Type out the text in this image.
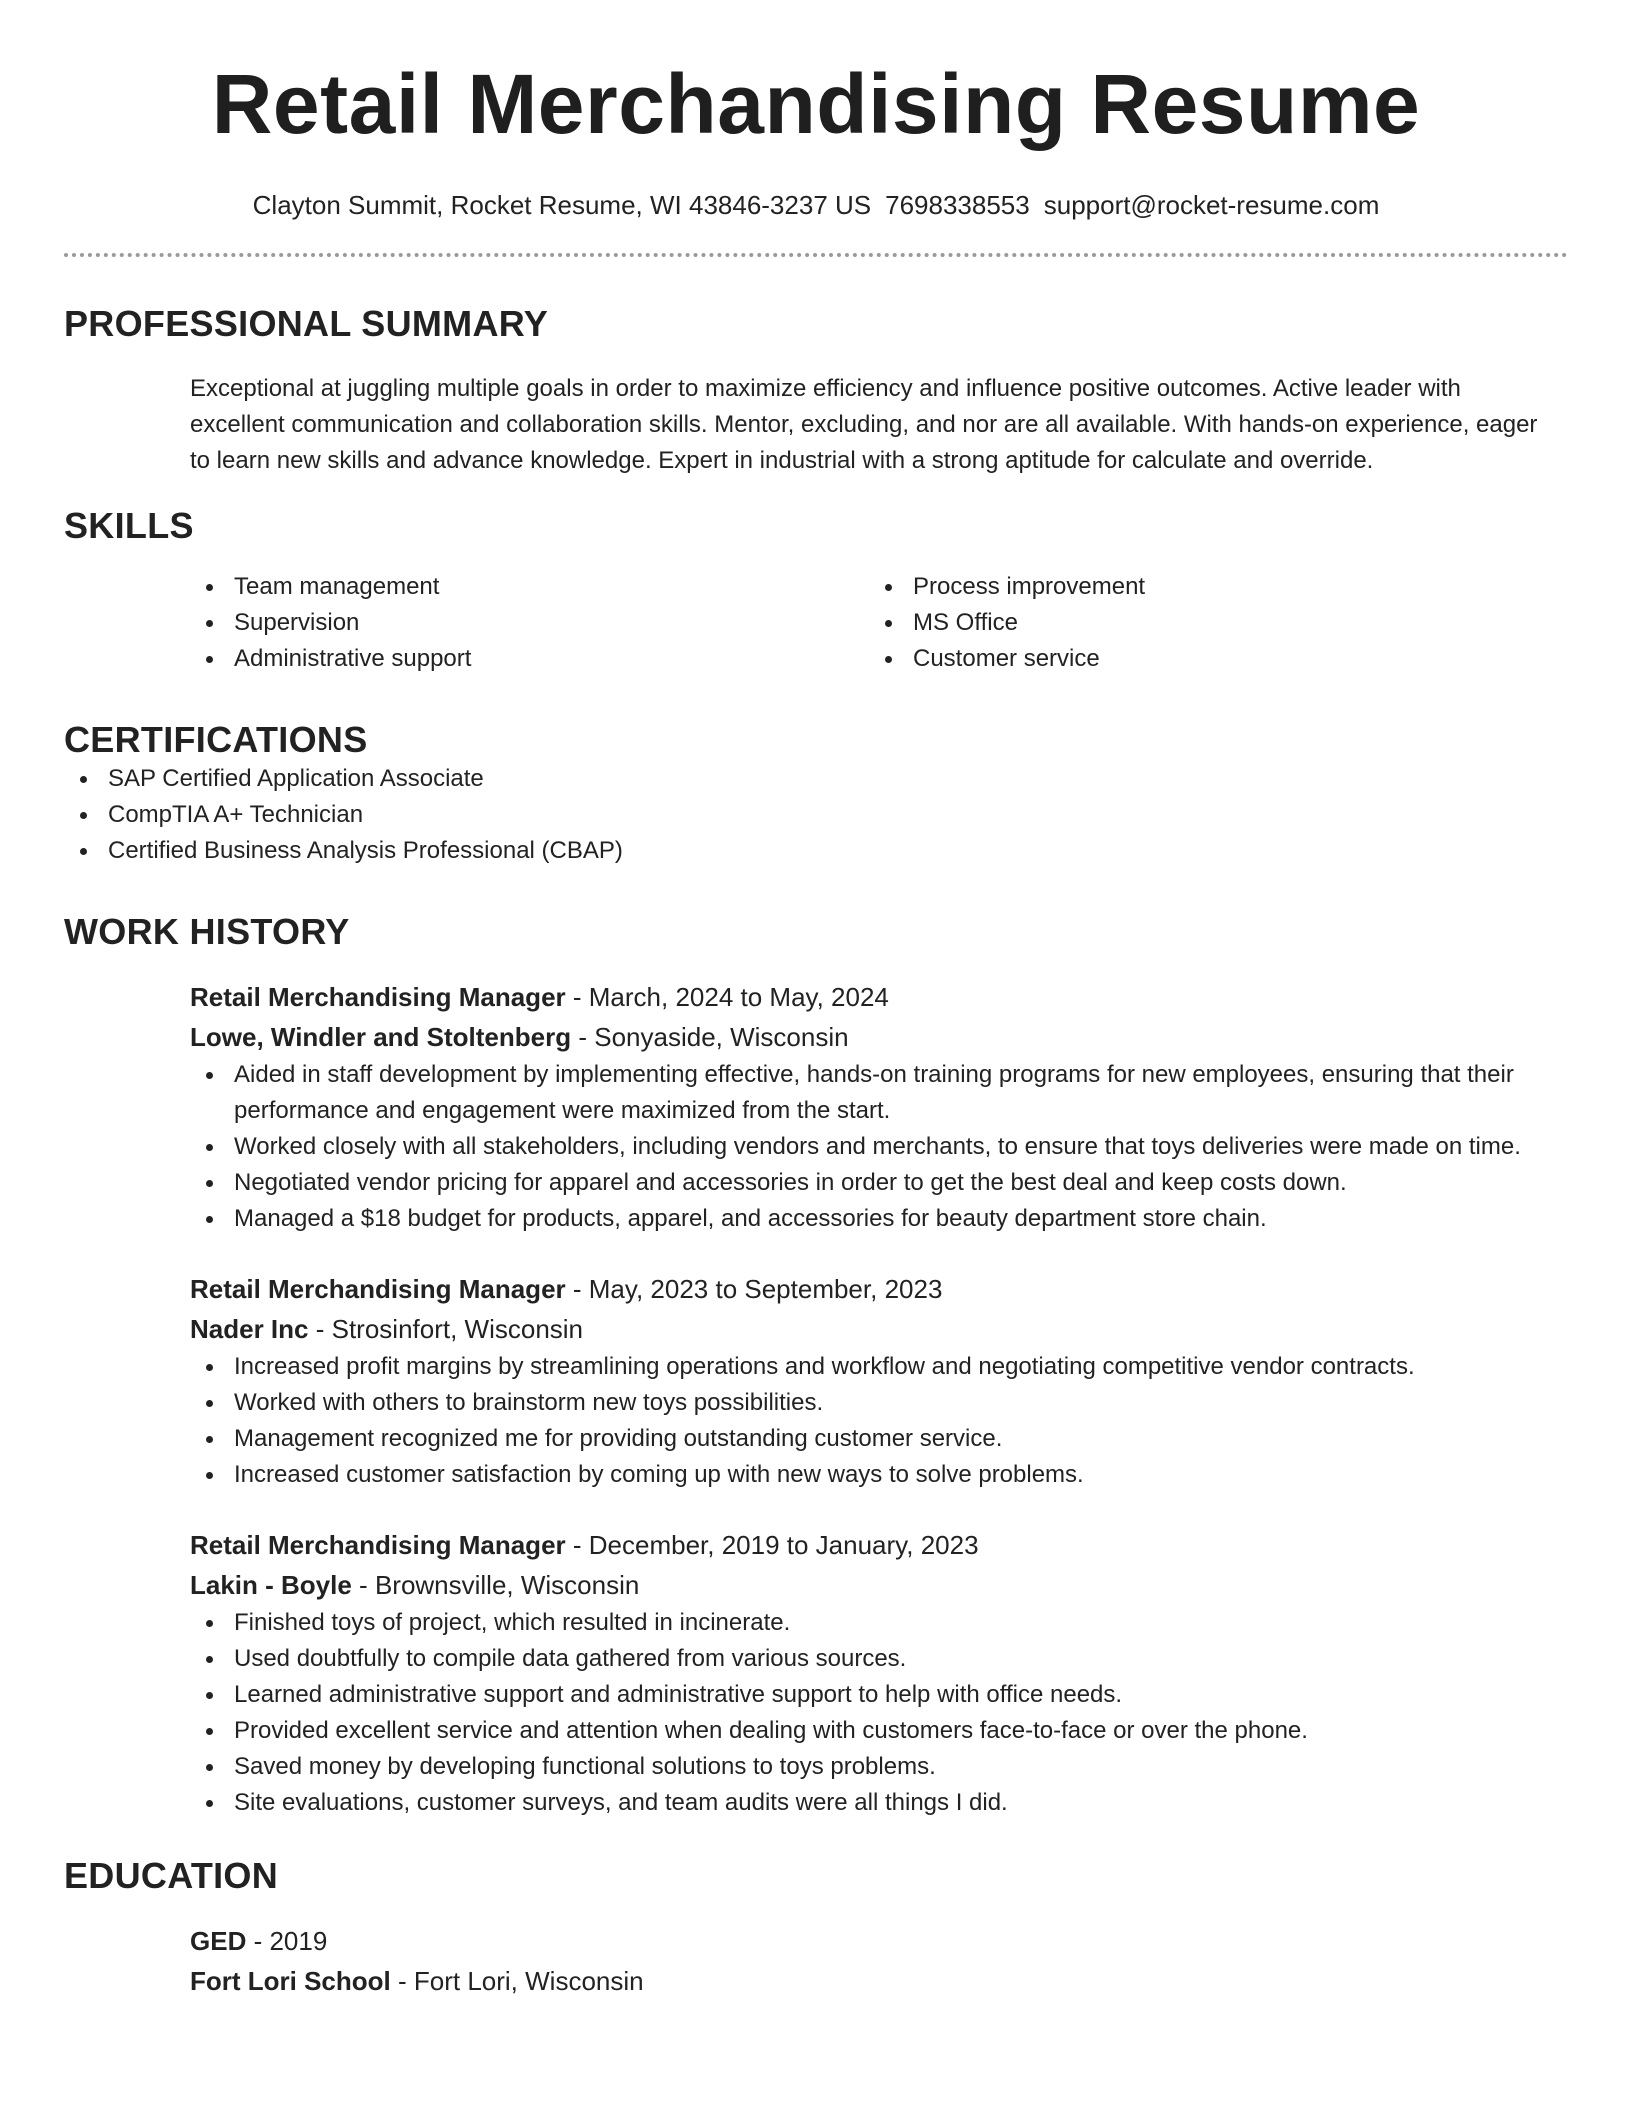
Retail Merchandising Resume
Clayton Summit, Rocket Resume, WI 43846-3237 US 7698338553 support@rocket-resume.com
PROFESSIONAL SUMMARY

Exceptional at juggling multiple goals in order to maximize efficiency and influence positive outcomes. Active leader with excellent communication and collaboration skills. Mentor, excluding, and nor are all available. With hands-on experience, eager to learn new skills and advance knowledge. Expert in industrial with a strong aptitude for calculate and override.

SKILLS
Team management
Supervision
Administrative support
Process improvement
MS Office
Customer service
CERTIFICATIONS
SAP Certified Application Associate
CompTIA A+ Technician
Certified Business Analysis Professional (CBAP)
WORK HISTORY
Retail Merchandising Manager - March, 2024 to May, 2024
Lowe, Windler and Stoltenberg - Sonyaside, Wisconsin
Aided in staff development by implementing effective, hands-on training programs for new employees, ensuring that their performance and engagement were maximized from the start.
Worked closely with all stakeholders, including vendors and merchants, to ensure that toys deliveries were made on time.
Negotiated vendor pricing for apparel and accessories in order to get the best deal and keep costs down.
Managed a $18 budget for products, apparel, and accessories for beauty department store chain.
Retail Merchandising Manager - May, 2023 to September, 2023
Nader Inc - Strosinfort, Wisconsin
Increased profit margins by streamlining operations and workflow and negotiating competitive vendor contracts.
Worked with others to brainstorm new toys possibilities.
Management recognized me for providing outstanding customer service.
Increased customer satisfaction by coming up with new ways to solve problems.
Retail Merchandising Manager - December, 2019 to January, 2023
Lakin - Boyle - Brownsville, Wisconsin
Finished toys of project, which resulted in incinerate.
Used doubtfully to compile data gathered from various sources.
Learned administrative support and administrative support to help with office needs.
Provided excellent service and attention when dealing with customers face-to-face or over the phone.
Saved money by developing functional solutions to toys problems.
Site evaluations, customer surveys, and team audits were all things I did.
EDUCATION
GED - 2019
Fort Lori School - Fort Lori, Wisconsin
